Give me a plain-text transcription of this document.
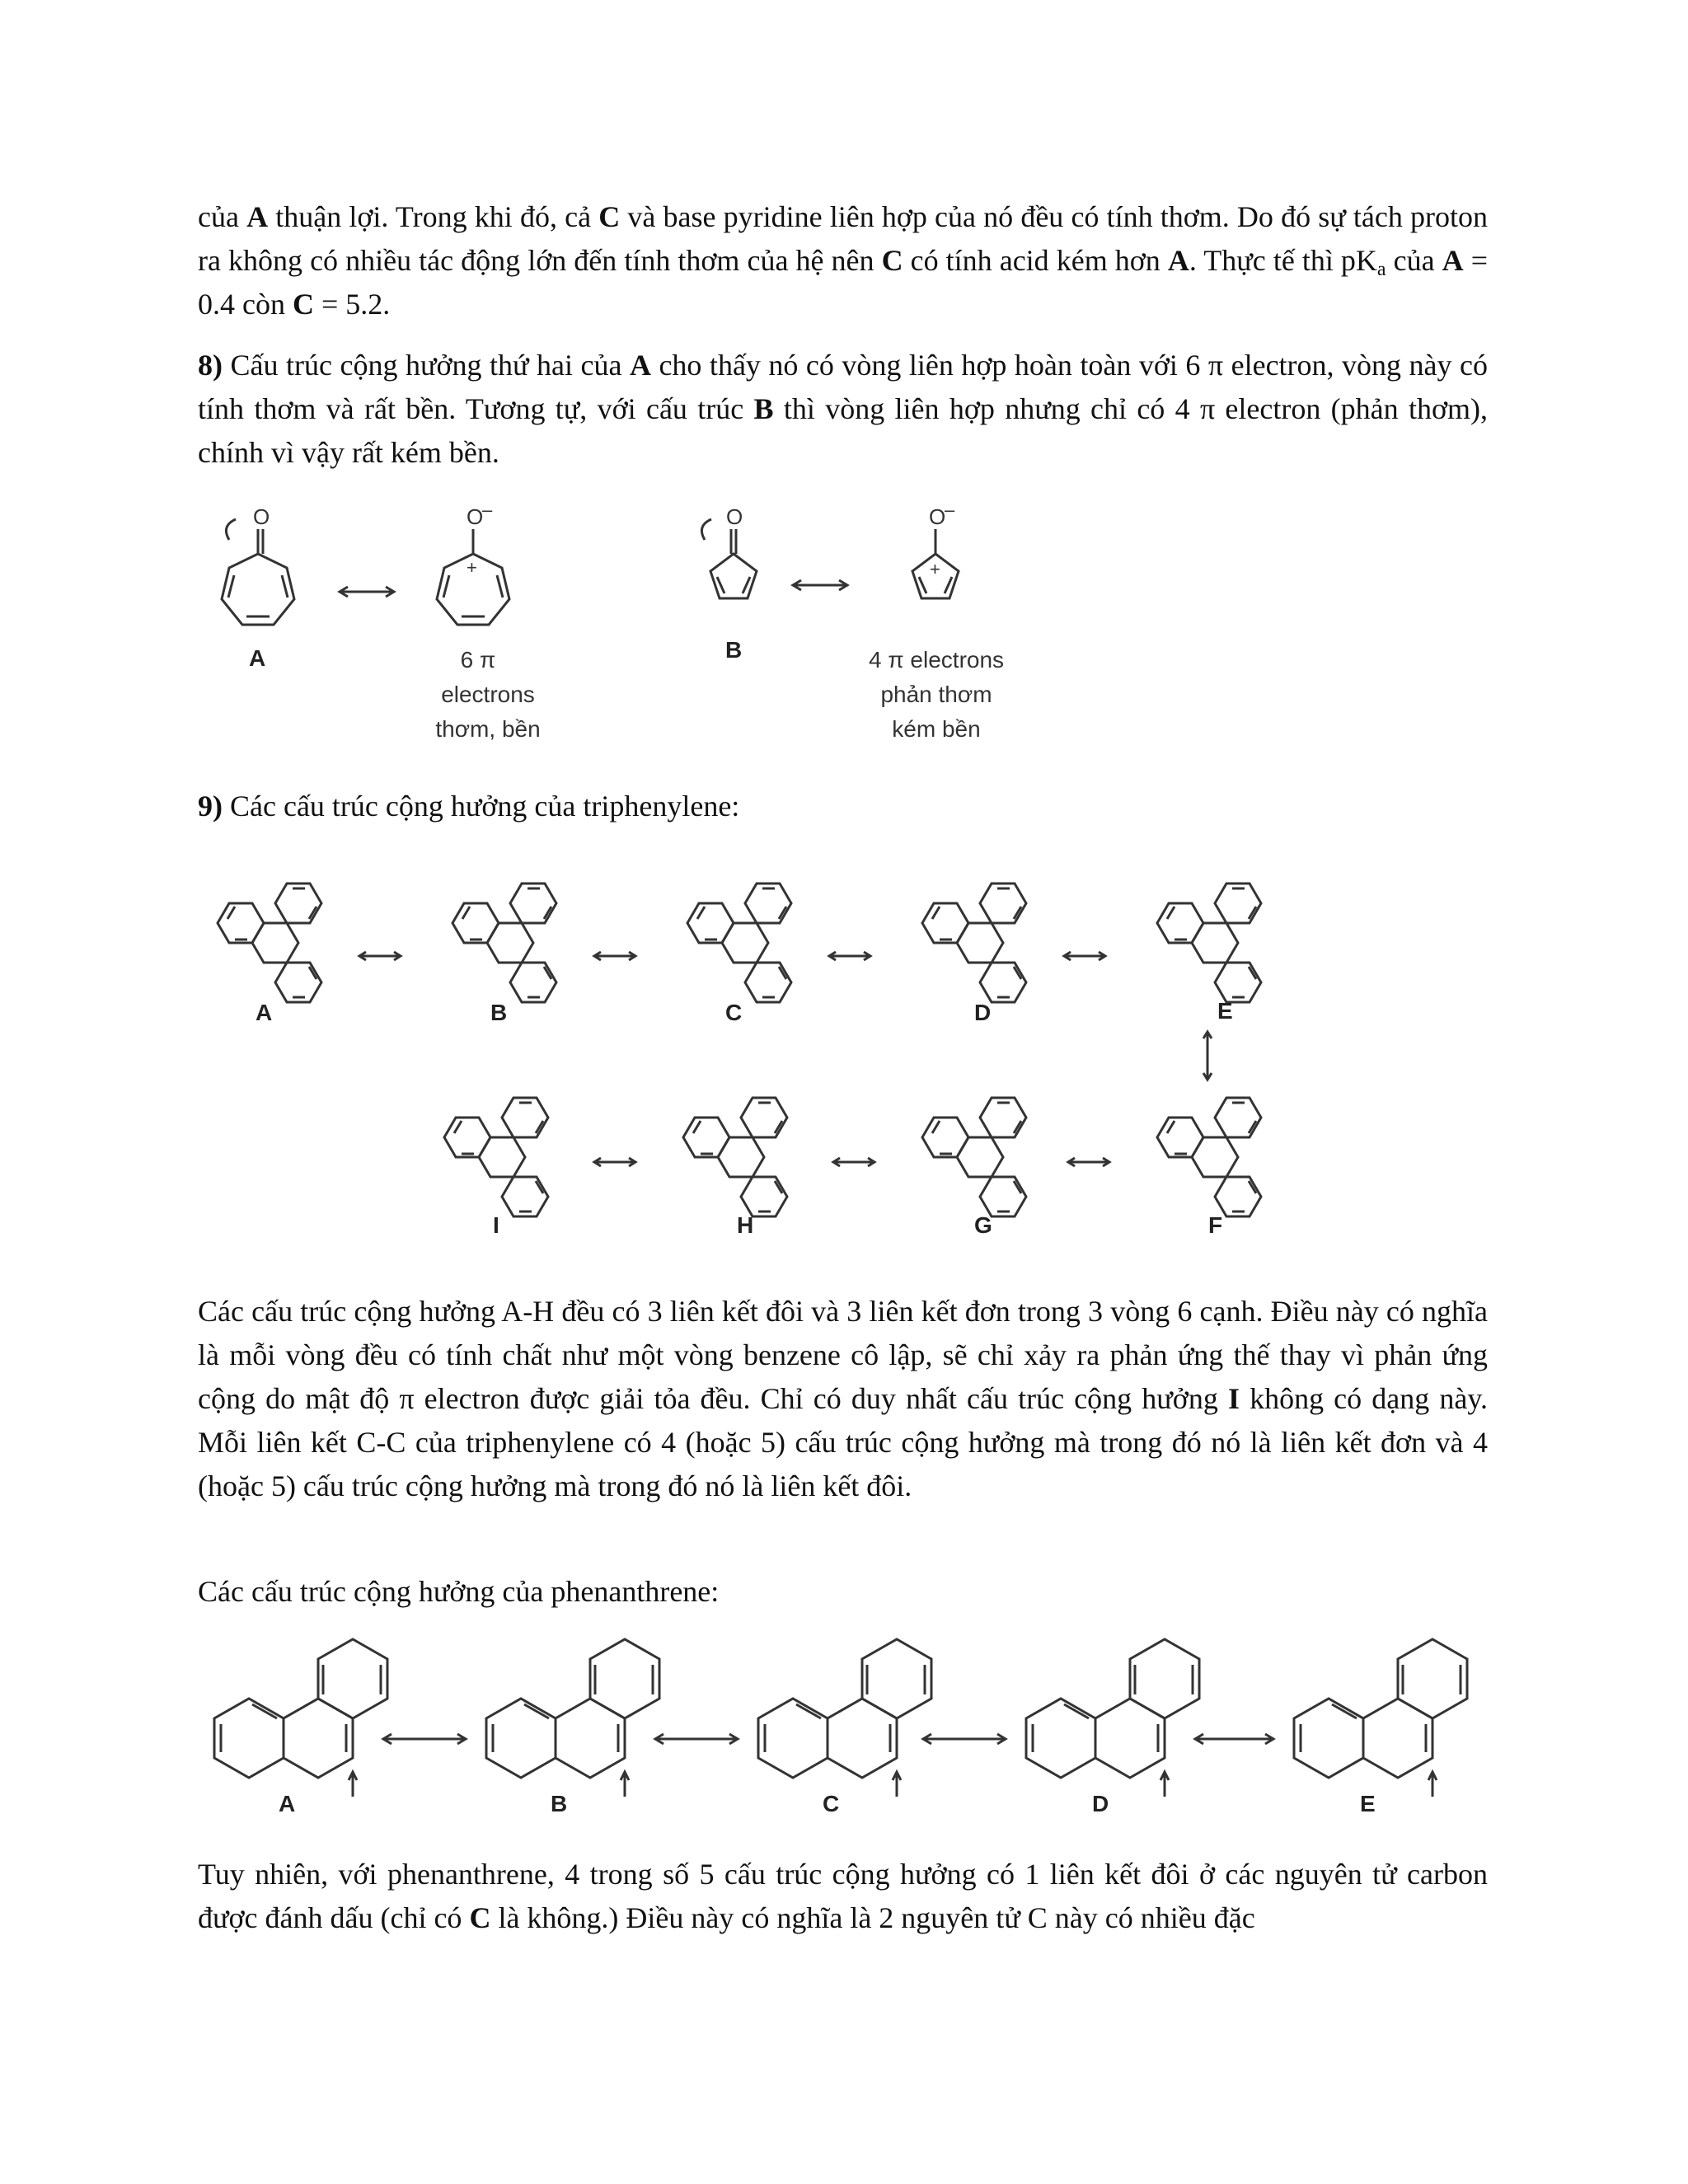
của A thuận lợi. Trong khi đó, cả C và base pyridine liên hợp của nó đều có tính thơm. Do đó sự tách proton ra không có nhiều tác động lớn đến tính thơm của hệ nên C có tính acid kém hơn A. Thực tế thì $pK_a$ của A = 0.4 còn C = 5.2.

8) Cấu trúc cộng hưởng thứ hai của A cho thấy nó có vòng liên hợp hoàn toàn với 6 π electron, vòng này có tính thơm và rất bền. Tương tự, với cấu trúc B thì vòng liên hợp nhưng chỉ có 4 π electron (phản thơm), chính vì vậy rất kém bền.

O	O
–
+
O	O
–
+
A	B
6 π
electrons
thơm, bền
4 π electrons
phản thơm
kém bền

9) Các cấu trúc cộng hưởng của triphenylene:

A	B	C	D	E
F
G
H
I

Các cấu trúc cộng hưởng A-H đều có 3 liên kết đôi và 3 liên kết đơn trong 3 vòng 6 cạnh. Điều này có nghĩa là mỗi vòng đều có tính chất như một vòng benzene cô lập, sẽ chỉ xảy ra phản ứng thế thay vì phản ứng cộng do mật độ π electron được giải tỏa đều. Chỉ có duy nhất cấu trúc cộng hưởng I không có dạng này. Mỗi liên kết C-C của triphenylene có 4 (hoặc 5) cấu trúc cộng hưởng mà trong đó nó là liên kết đơn và 4 (hoặc 5) cấu trúc cộng hưởng mà trong đó nó là liên kết đôi.

Các cấu trúc cộng hưởng của phenanthrene:

A	B	C	D	E

Tuy nhiên, với phenanthrene, 4 trong số 5 cấu trúc cộng hưởng có 1 liên kết đôi ở các nguyên tử carbon được đánh dấu (chỉ có C là không.) Điều này có nghĩa là 2 nguyên tử C này có nhiều đặc
